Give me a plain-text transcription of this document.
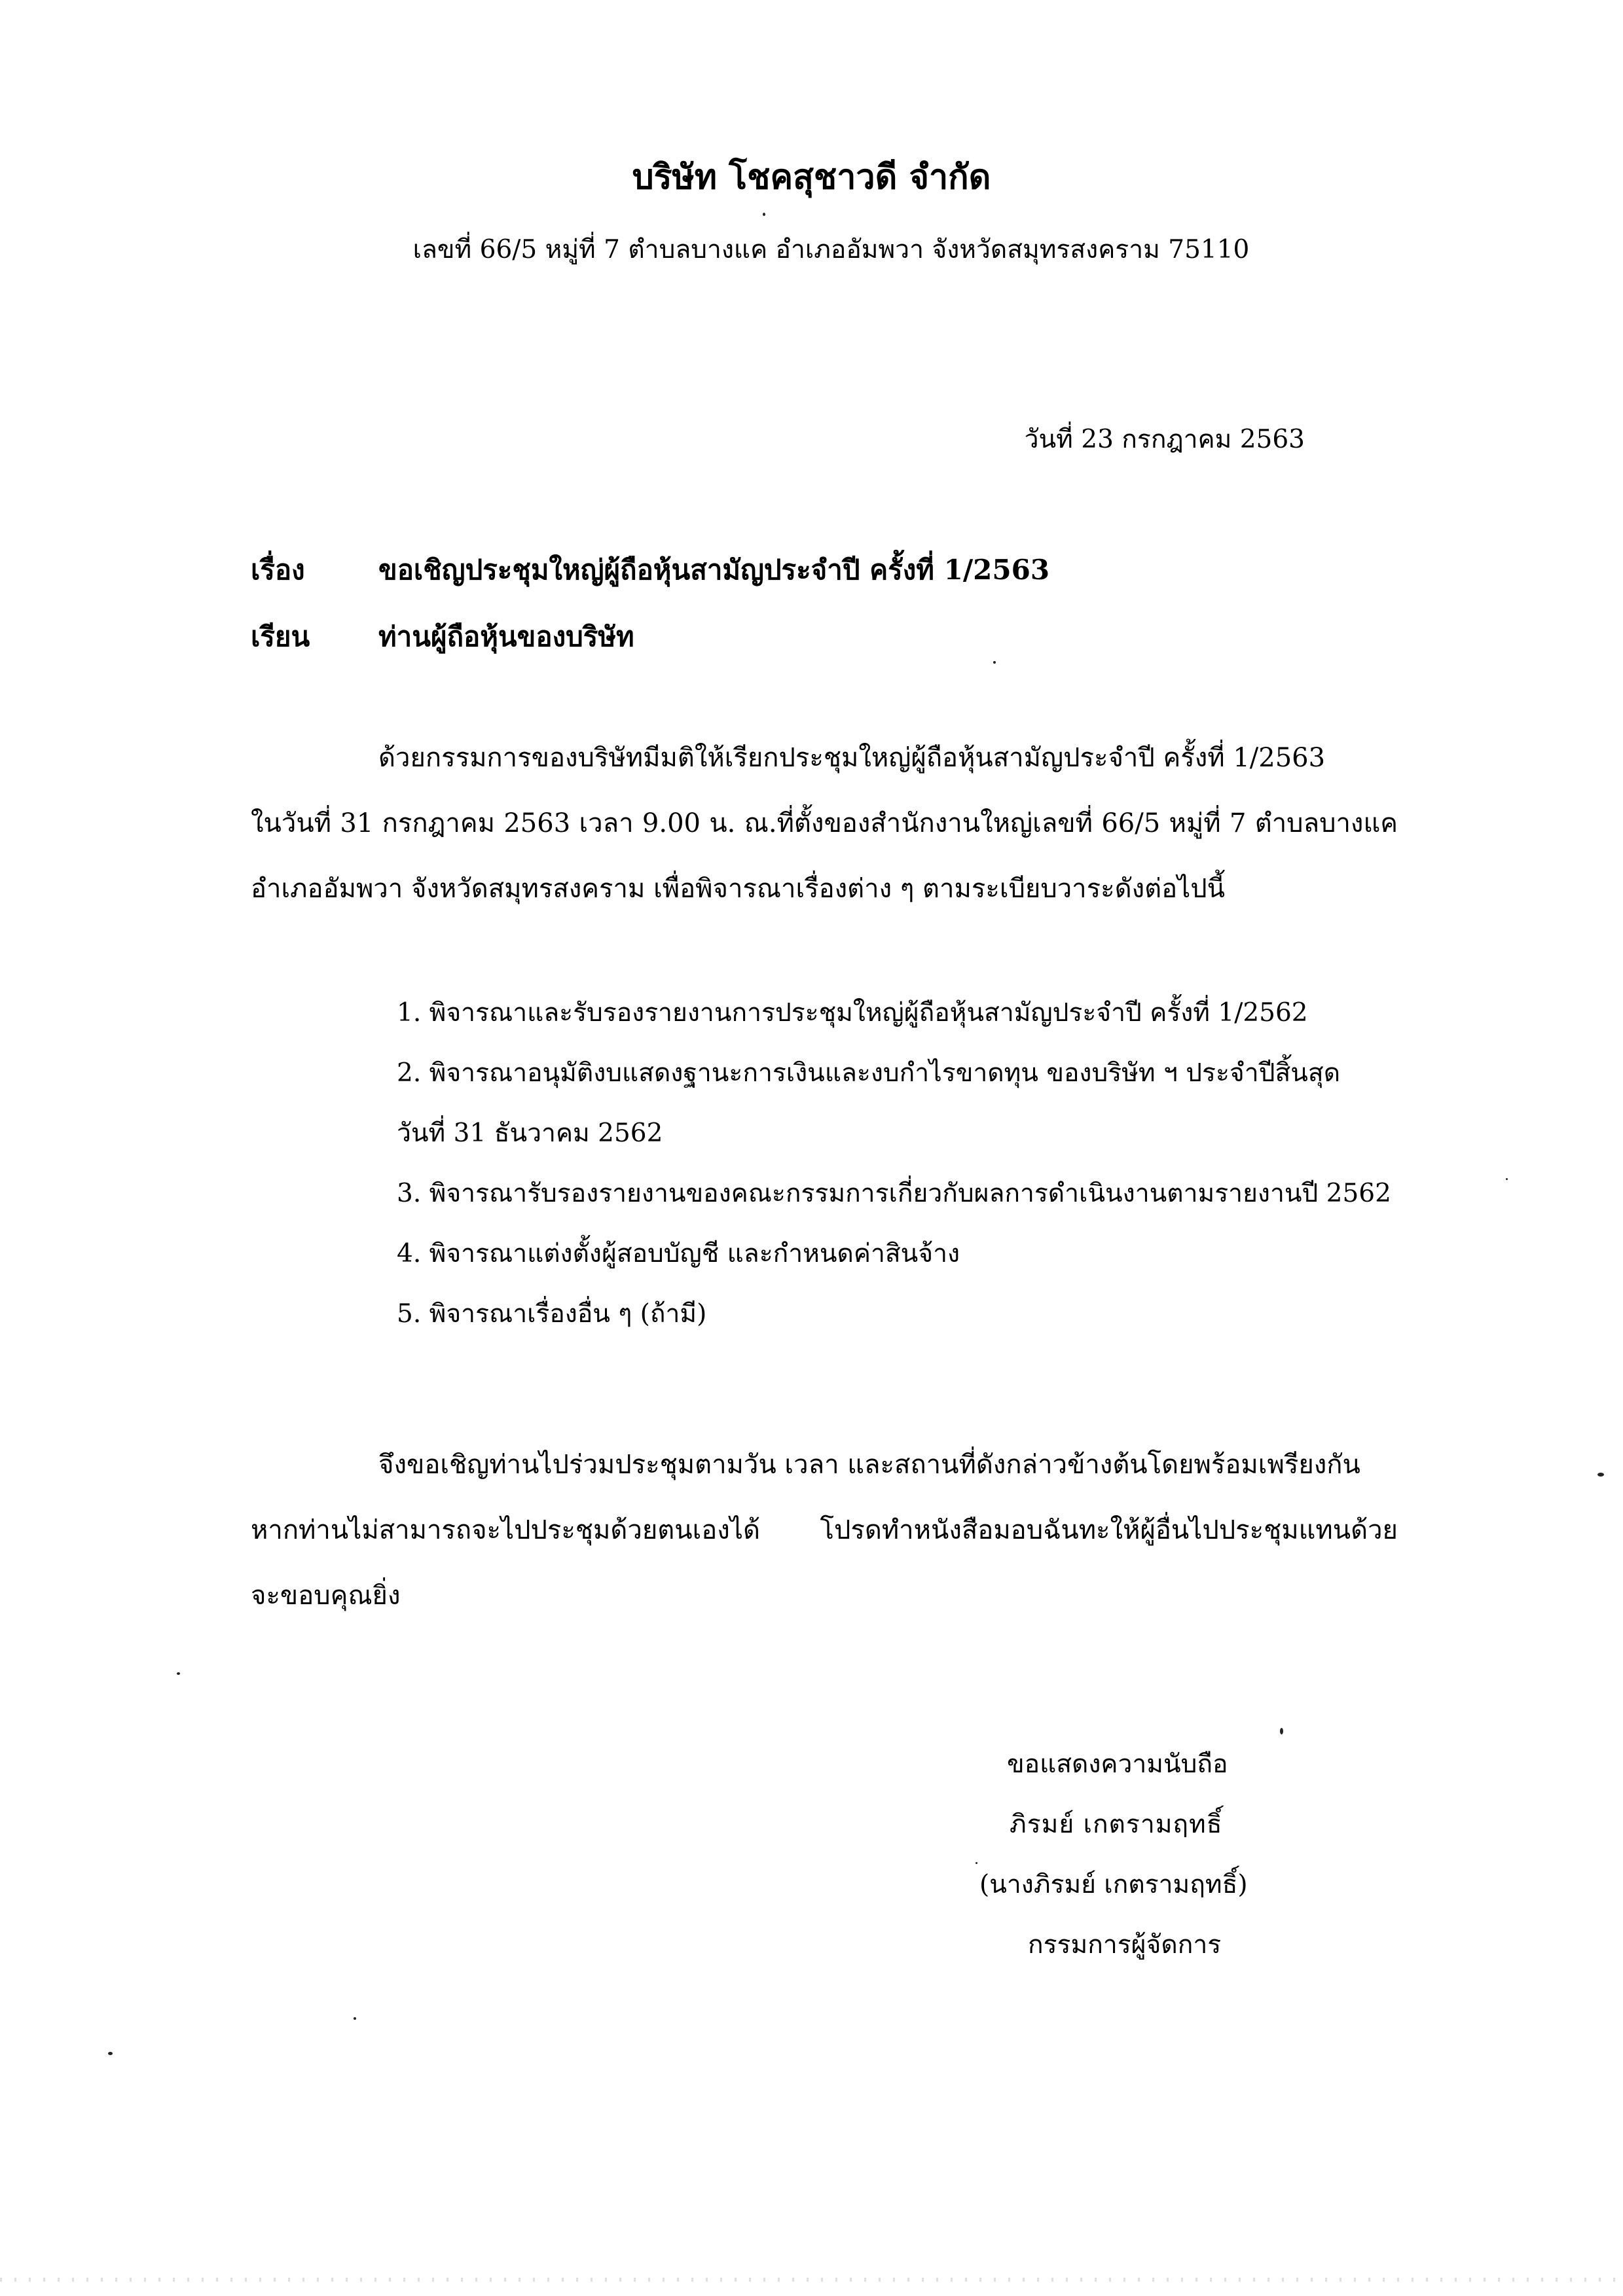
บริษัท โชคสุชาวดี จำกัด
เลขที่ 66/5 หมู่ที่ 7 ตำบลบางแค อำเภออัมพวา จังหวัดสมุทรสงคราม 75110
วันที่ 23 กรกฎาคม 2563
เรื่อง	ขอเชิญประชุมใหญ่ผู้ถือหุ้นสามัญประจำปี ครั้งที่ 1/2563
เรียน ท่านผู้ถือหุ้นของบริษัท
ด้วยกรรมการของบริษัทมีมติให้เรียกประชุมใหญ่ผู้ถือหุ้นสามัญประจำปี ครั้งที่ 1/2563
ในวันที่ 31 กรกฎาคม 2563 เวลา 9.00 น. ณ.ที่ตั้งของสำนักงานใหญ่เลขที่ 66/5 หมู่ที่ 7 ตำบลบางแค
อำเภออัมพวา จังหวัดสมุทรสงคราม เพื่อพิจารณาเรื่องต่าง ๆ ตามระเบียบวาระดังต่อไปนี้
1. พิจารณาและรับรองรายงานการประชุมใหญ่ผู้ถือหุ้นสามัญประจำปี ครั้งที่ 1/2562
2. พิจารณาอนุมัติงบแสดงฐานะการเงินและงบกำไรขาดทุน ของบริษัท ฯ ประจำปีสิ้นสุด
วันที่ 31 ธันวาคม 2562
3. พิจารณารับรองรายงานของคณะกรรมการเกี่ยวกับผลการดำเนินงานตามรายงานปี 2562
4. พิจารณาแต่งตั้งผู้สอบบัญชี และกำหนดค่าสินจ้าง
5. พิจารณาเรื่องอื่น ๆ (ถ้ามี)
จึงขอเชิญท่านไปร่วมประชุมตามวัน เวลา และสถานที่ดังกล่าวข้างต้นโดยพร้อมเพรียงกัน
หากท่านไม่สามารถจะไปประชุมด้วยตนเองได้ โปรดทำหนังสือมอบฉันทะให้ผู้อื่นไปประชุมแทนด้วย
จะขอบคุณยิ่ง
ขอแสดงความนับถือ
ภิรมย์ เกตรามฤทธิ์
(นางภิรมย์ เกตรามฤทธิ์)
กรรมการผู้จัดการ
